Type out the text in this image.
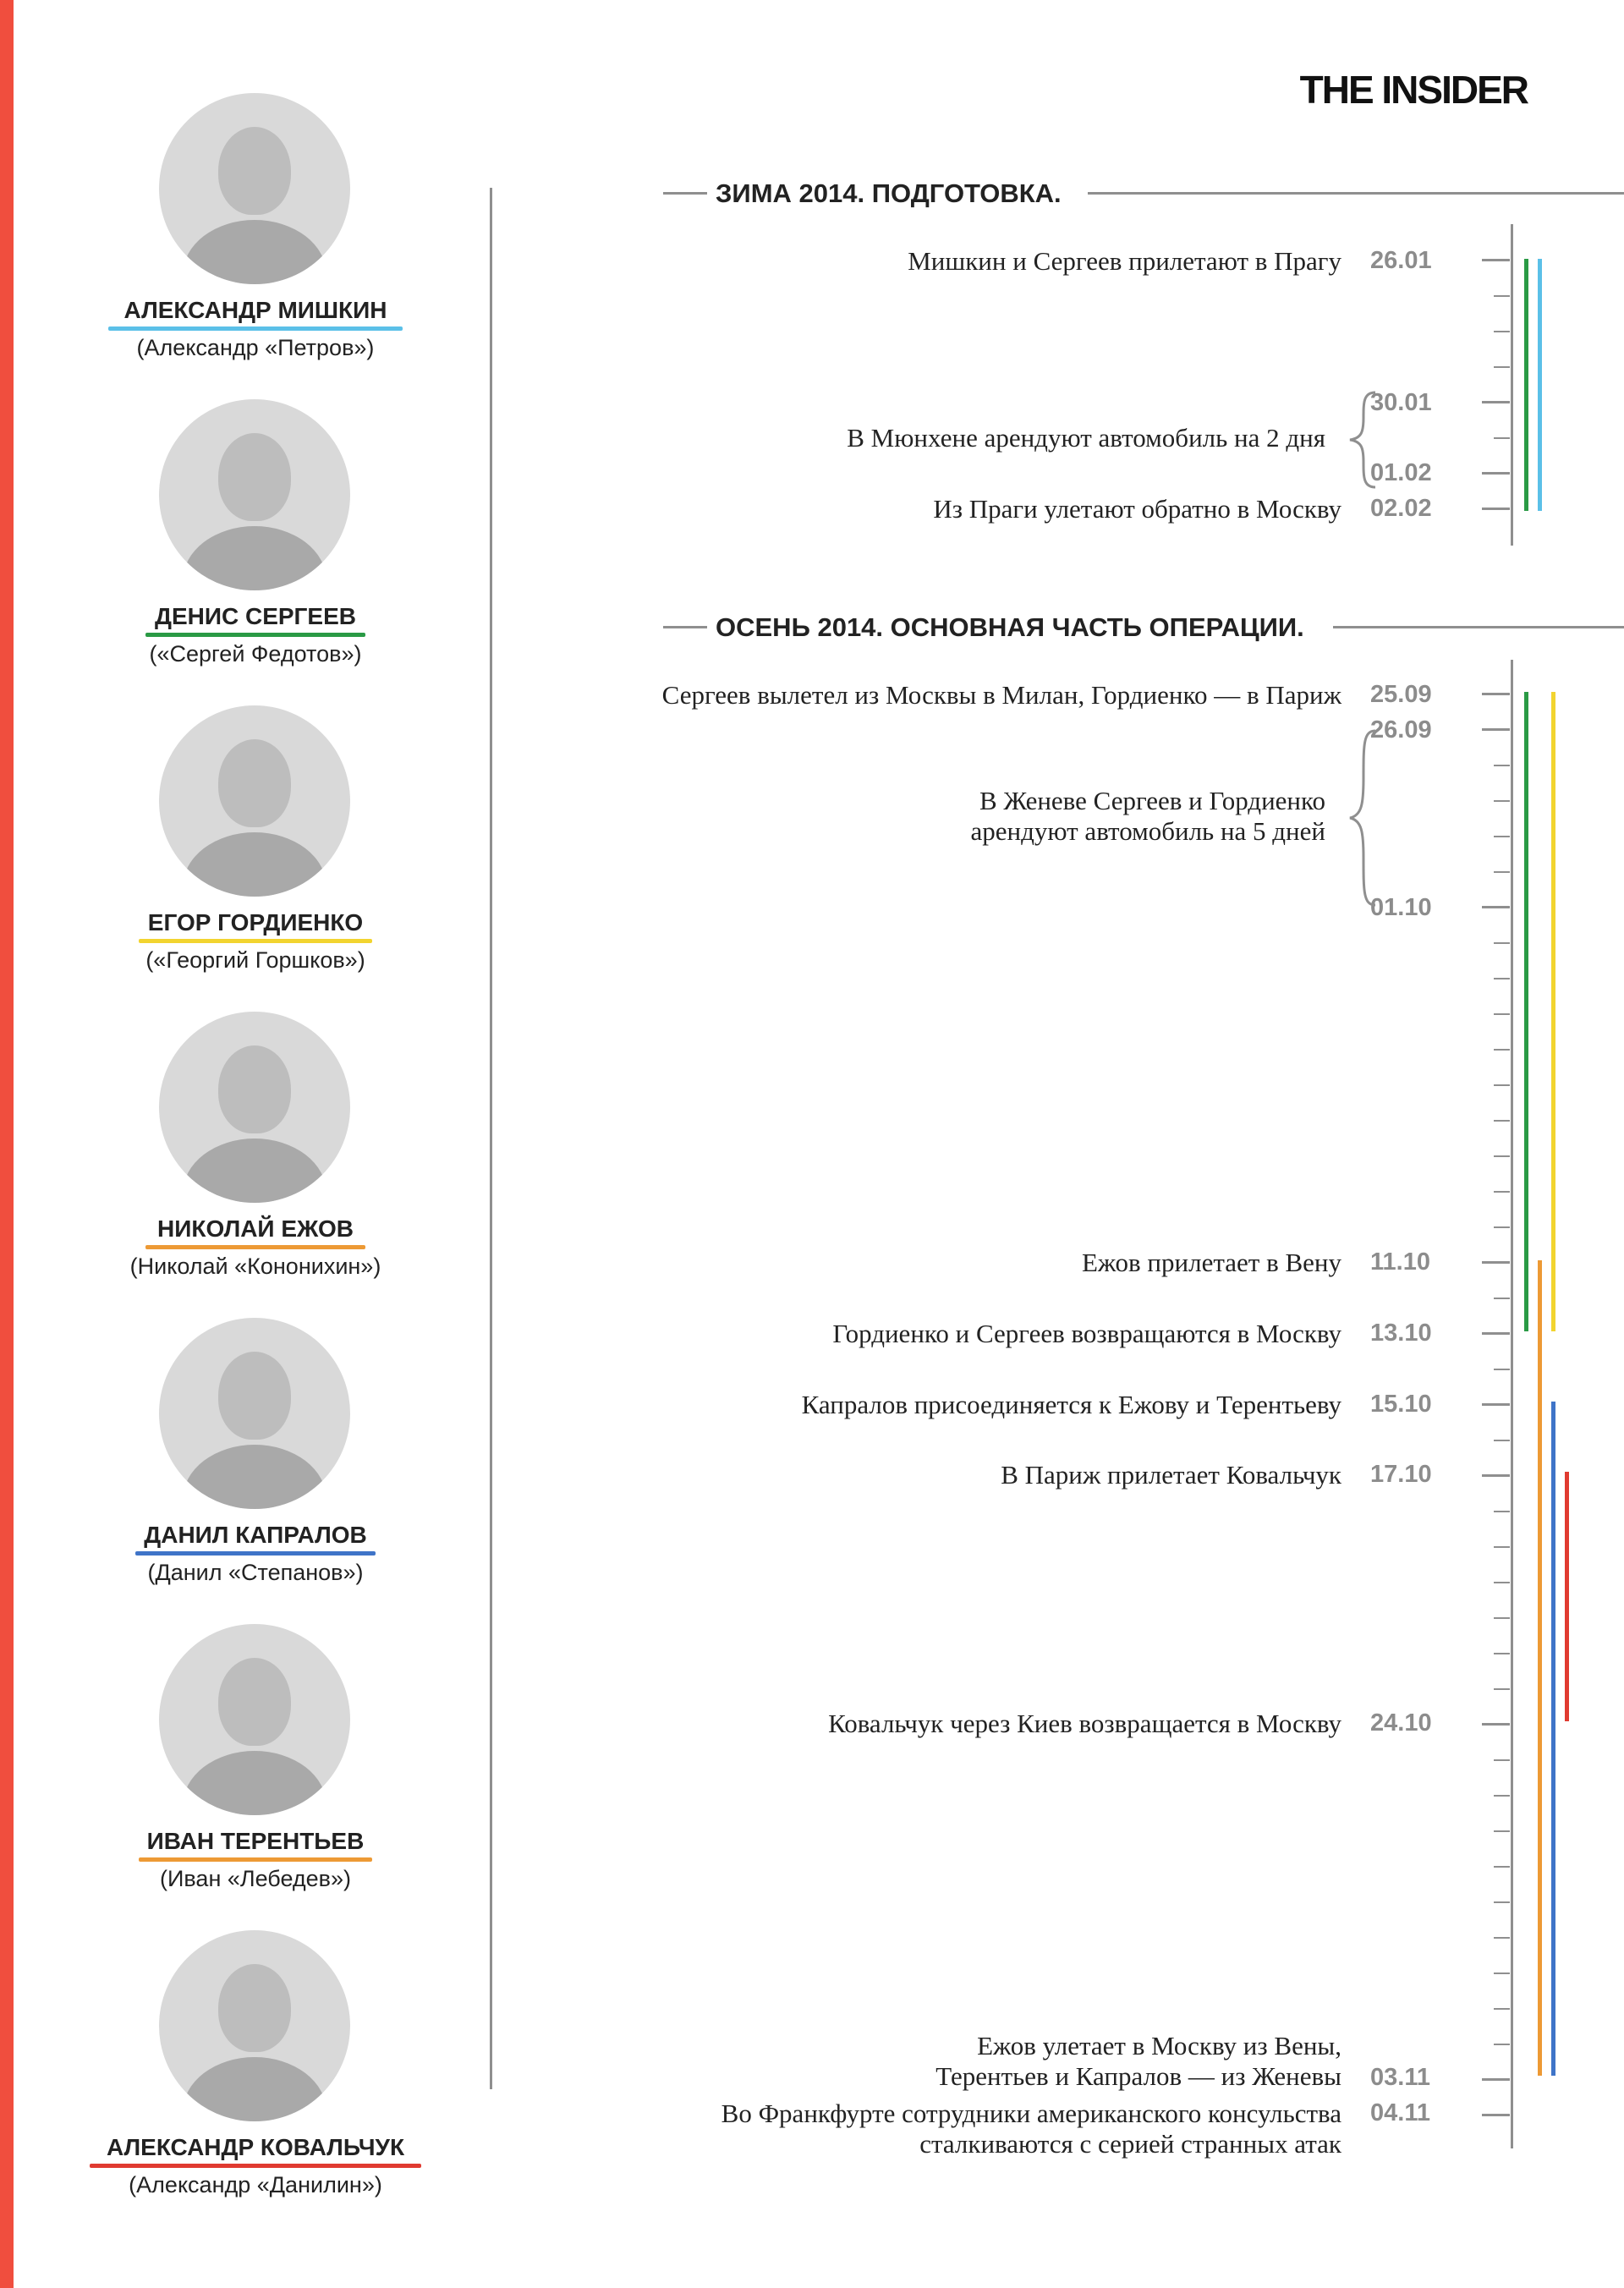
THE INSIDER
АЛЕКСАНДР МИШКИН
(Александр «Петров»)
ДЕНИС СЕРГЕЕВ
(«Сергей Федотов»)
ЕГОР ГОРДИЕНКО
(«Георгий Горшков»)
НИКОЛАЙ ЕЖОВ
(Николай «Кононихин»)
ДАНИЛ КАПРАЛОВ
(Данил «Степанов»)
ИВАН ТЕРЕНТЬЕВ
(Иван «Лебедев»)
АЛЕКСАНДР КОВАЛЬЧУК
(Александр «Данилин»)
ЗИМА 2014. ПОДГОТОВКА.
ОСЕНЬ 2014. ОСНОВНАЯ ЧАСТЬ ОПЕРАЦИИ.
26.01
30.01
01.02
02.02
Мишкин и Сергеев прилетают в Прагу
В Мюнхене арендуют автомобиль на 2 дня
Из Праги улетают обратно в Москву
25.09
26.09
01.10
11.10
13.10
15.10
17.10
24.10
03.11
04.11
Сергеев вылетел из Москвы в Милан, Гордиенко — в Париж
В Женеве Сергеев и Гордиенко
арендуют автомобиль на 5 дней
Ежов прилетает в Вену
Гордиенко и Сергеев возвращаются в Москву
Капралов присоединяется к Ежову и Терентьеву
В Париж прилетает Ковальчук
Ковальчук через Киев возвращается в Москву
Ежов улетает в Москву из Вены,
Терентьев и Капралов — из Женевы
Во Франкфурте сотрудники американского консульства
сталкиваются с серией странных атак
